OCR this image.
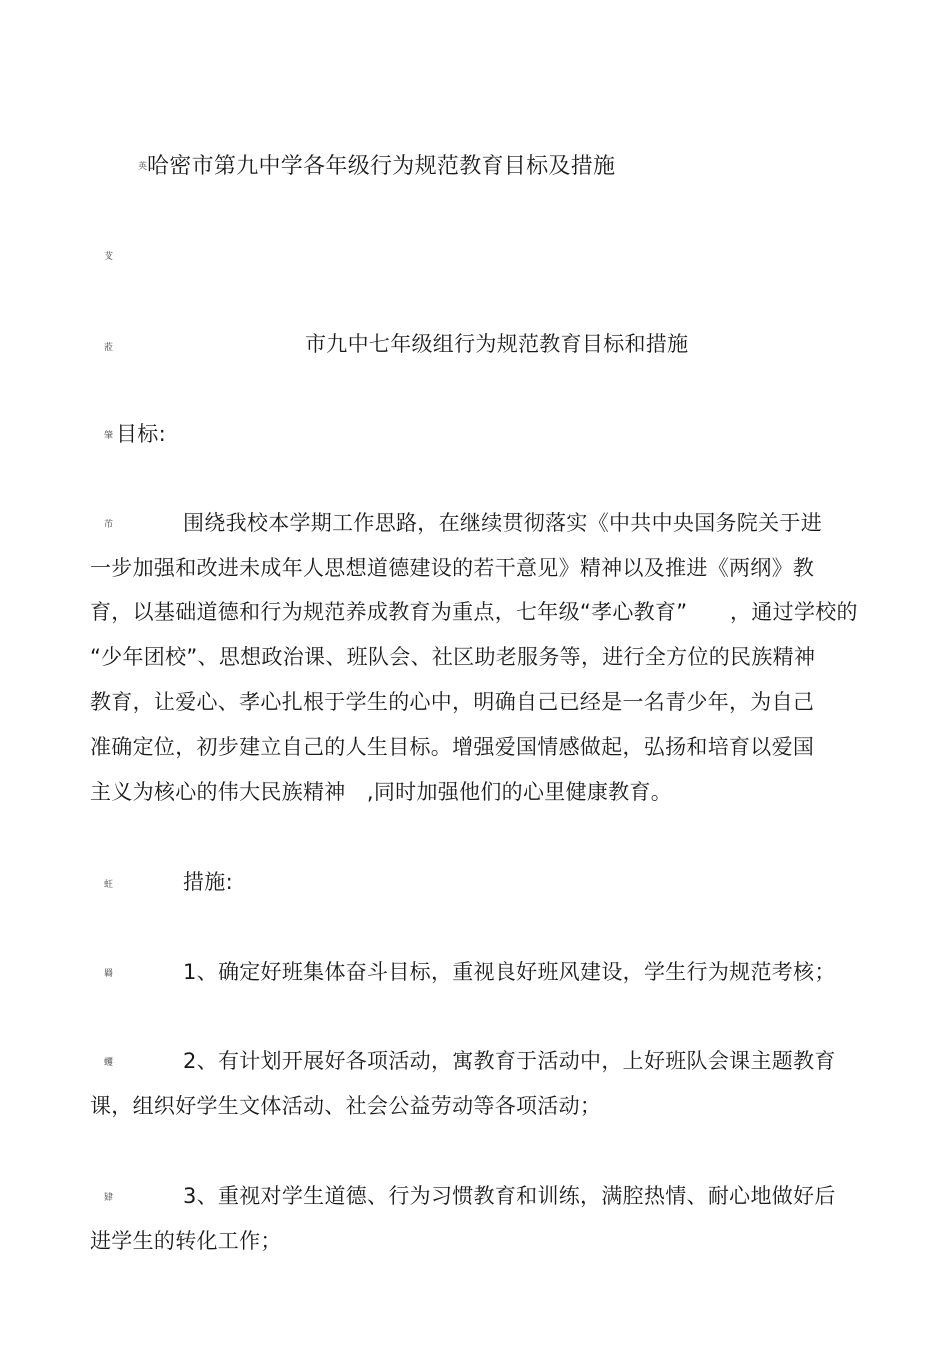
英
芆
蒞
肇
芇
蚟
羇
蠼
肄
哈密市第九中学各年级行为规范教育目标及措施
市九中七年级组行为规范教育目标和措施
目标:
围绕我校本学期工作思路，在继续贯彻落实《中共中央国务院关于进
一步加强和改进未成年人思想道德建设的若干意见》精神以及推进《两纲》教
育，以基础道德和行为规范养成教育为重点，七年级“孝心教育”　　，通过学校的
“少年团校”、思想政治课、班队会、社区助老服务等，进行全方位的民族精神
教育，让爱心、孝心扎根于学生的心中，明确自己已经是一名青少年，为自己
准确定位，初步建立自己的人生目标。增强爱国情感做起，弘扬和培育以爱国
主义为核心的伟大民族精神　,同时加强他们的心里健康教育。
措施:
1、确定好班集体奋斗目标，重视良好班风建设，学生行为规范考核；
2、有计划开展好各项活动，寓教育于活动中，上好班队会课主题教育
课，组织好学生文体活动、社会公益劳动等各项活动；
3、重视对学生道德、行为习惯教育和训练，满腔热情、耐心地做好后
进学生的转化工作；
